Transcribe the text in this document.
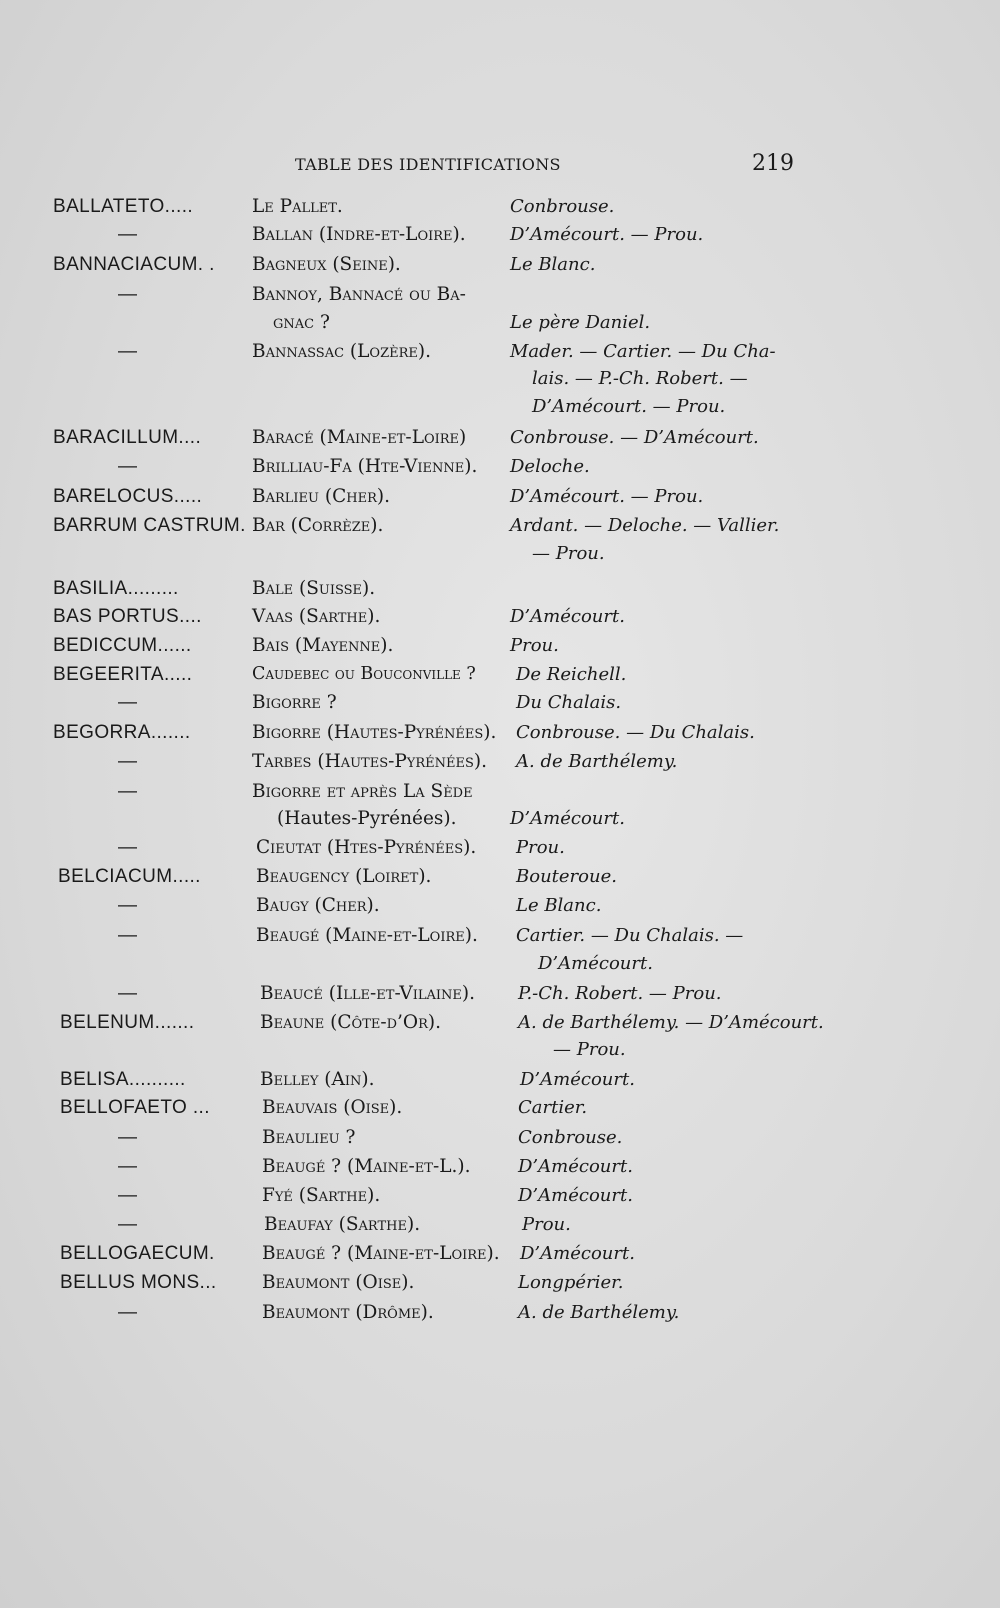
TABLE DES IDENTIFICATIONS	219
BALLATETO.....	Le Pallet.	Conbrouse.
—	Ballan (Indre-et-Loire).	D’Amécourt. — Prou.
BANNACIACUM. .	Bagneux (Seine).	Le Blanc.
—	Bannoy, Bannacé ou Ba-
gnac ?	Le père Daniel.
—	Bannassac (Lozère).	Mader. — Cartier. — Du Cha-
lais. — P.-Ch. Robert. —
D’Amécourt. — Prou.
BARACILLUM....	Baracé (Maine-et-Loire)	Conbrouse. — D’Amécourt.
—	Brilliau-Fa (Hte-Vienne).	Deloche.
BARELOCUS.....	Barlieu (Cher).	D’Amécourt. — Prou.
BARRUM CASTRUM. Bar (Corrèze).	Ardant. — Deloche. — Vallier.
— Prou.
BASILIA.........	Bale (Suisse).
BAS PORTUS....	Vaas (Sarthe).	D’Amécourt.
BEDICCUM......	Bais (Mayenne).	Prou.
BEGEERITA.....	Caudebec ou Bouconville ?	De Reichell.
—	Bigorre ?	Du Chalais.
BEGORRA.......	Bigorre (Hautes-Pyrénées).	Conbrouse. — Du Chalais.
—	Tarbes (Hautes-Pyrénées).	A. de Barthélemy.
—	Bigorre et après La Sède
(Hautes-Pyrénées).	D’Amécourt.
—	Cieutat (Htes-Pyrénées).	Prou.
BELCIACUM.....	Beaugency (Loiret).	Bouteroue.
—	Baugy (Cher).	Le Blanc.
—	Beaugé (Maine-et-Loire).	Cartier. — Du Chalais. —
D’Amécourt.
—	Beaucé (Ille-et-Vilaine).	P.-Ch. Robert. — Prou.
BELENUM.......	Beaune (Côte-d’Or).	A. de Barthélemy. — D’Amécourt.
— Prou.
BELISA..........	Belley (Ain).	D’Amécourt.
BELLOFAETO ...	Beauvais (Oise).	Cartier.
—	Beaulieu ?	Conbrouse.
—	Beaugé ? (Maine-et-L.).	D’Amécourt.
—	Fyé (Sarthe).	D’Amécourt.
—	Beaufay (Sarthe).	Prou.
BELLOGAECUM.	Beaugé ? (Maine-et-Loire).	D’Amécourt.
BELLUS MONS...	Beaumont (Oise).	Longpérier.
—	Beaumont (Drôme).	A. de Barthélemy.
